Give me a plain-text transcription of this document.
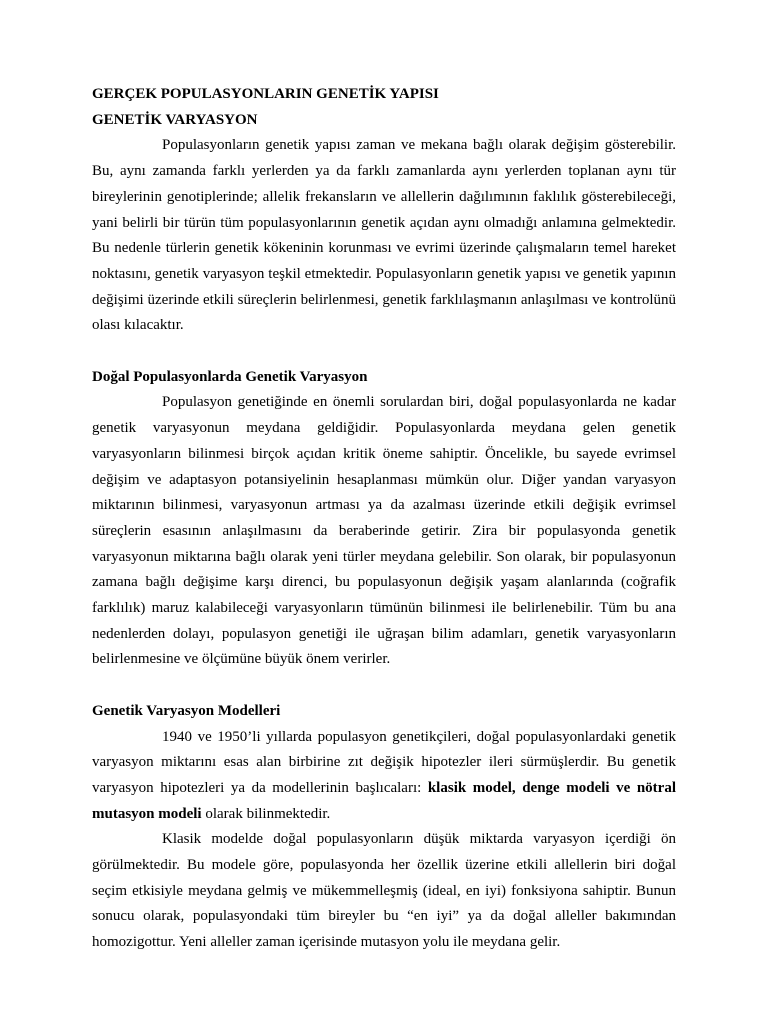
GERÇEK POPULASYONLARIN GENETİK YAPISI

GENETİK VARYASYON

Populasyonların genetik yapısı zaman ve mekana bağlı olarak değişim gösterebilir. Bu, aynı zamanda farklı yerlerden ya da farklı zamanlarda aynı yerlerden toplanan aynı tür bireylerinin genotiplerinde; allelik frekansların ve allellerin dağılımının faklılık gösterebileceği, yani belirli bir türün tüm populasyonlarının genetik açıdan aynı olmadığı anlamına gelmektedir. Bu nedenle türlerin genetik kökeninin korunması ve evrimi üzerinde çalışmaların temel hareket noktasını, genetik varyasyon teşkil etmektedir. Populasyonların genetik yapısı ve genetik yapının değişimi üzerinde etkili süreçlerin belirlenmesi, genetik farklılaşmanın anlaşılması ve kontrolünü olası kılacaktır.

Doğal Populasyonlarda Genetik Varyasyon

Populasyon genetiğinde en önemli sorulardan biri, doğal populasyonlarda ne kadar genetik varyasyonun meydana geldiğidir. Populasyonlarda meydana gelen genetik varyasyonların bilinmesi birçok açıdan kritik öneme sahiptir. Öncelikle, bu sayede evrimsel değişim ve adaptasyon potansiyelinin hesaplanması mümkün olur. Diğer yandan varyasyon miktarının bilinmesi, varyasyonun artması ya da azalması üzerinde etkili değişik evrimsel süreçlerin esasının anlaşılmasını da beraberinde getirir. Zira bir populasyonda genetik varyasyonun miktarına bağlı olarak yeni türler meydana gelebilir. Son olarak, bir populasyonun zamana bağlı değişime karşı direnci, bu populasyonun değişik yaşam alanlarında (coğrafik farklılık) maruz kalabileceği varyasyonların tümünün bilinmesi ile belirlenebilir. Tüm bu ana nedenlerden dolayı, populasyon genetiği ile uğraşan bilim adamları, genetik varyasyonların belirlenmesine ve ölçümüne büyük önem verirler.

Genetik Varyasyon Modelleri

1940 ve 1950’li yıllarda populasyon genetikçileri, doğal populasyonlardaki genetik varyasyon miktarını esas alan birbirine zıt değişik hipotezler ileri sürmüşlerdir. Bu genetik varyasyon hipotezleri ya da modellerinin başlıcaları: klasik model, denge modeli ve nötral mutasyon modeli olarak bilinmektedir.

Klasik modelde doğal populasyonların düşük miktarda varyasyon içerdiği ön görülmektedir. Bu modele göre, populasyonda her özellik üzerine etkili allellerin biri doğal seçim etkisiyle meydana gelmiş ve mükemmelleşmiş (ideal, en iyi) fonksiyona sahiptir. Bunun sonucu olarak, populasyondaki tüm bireyler bu “en iyi” ya da doğal alleller bakımından homozigottur. Yeni alleller zaman içerisinde mutasyon yolu ile meydana gelir.
